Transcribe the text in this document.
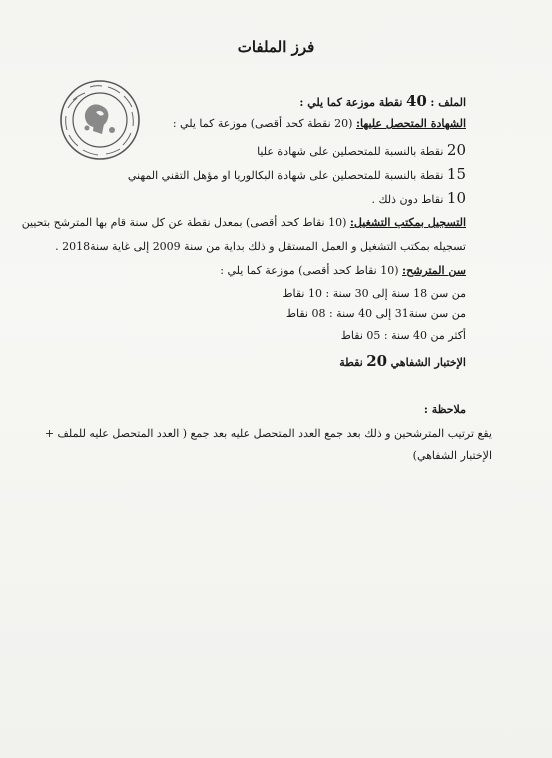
فرز الملفات
الملف : 40 نقطة موزعة كما يلي :
الشهادة المتحصل عليها: (20 نقطة كحد أقصى) موزعة كما يلي :
20 نقطة بالنسبة للمتحصلين على شهادة عليا
15 نقطة بالنسبة للمتحصلين على شهادة البكالوريا او مؤهل التقني المهني
10 نقاط دون ذلك .
التسجيل بمكتب التشغيل: (10 نقاط كحد أقصى) بمعدل نقطة عن كل سنة قام بها المترشح بتحيين
تسجيله بمكتب التشغيل و العمل المستقل و ذلك بداية من سنة 2009 إلى غاية سنة2018 .
سن المترشح: (10 نقاط كحد أقصى) موزعة كما يلي :
من سن 18 سنة إلى 30 سنة : 10 نقاط
من سن سنة31 إلى 40 سنة : 08 نقاط
أكثر من 40 سنة : 05 نقاط
الإختبار الشفاهي 20 نقطة
ملاحظة :
يقع ترتيب المترشحين و ذلك بعد جمع العدد المتحصل عليه بعد جمع ( العدد المتحصل عليه للملف +
الإختبار الشفاهي)
